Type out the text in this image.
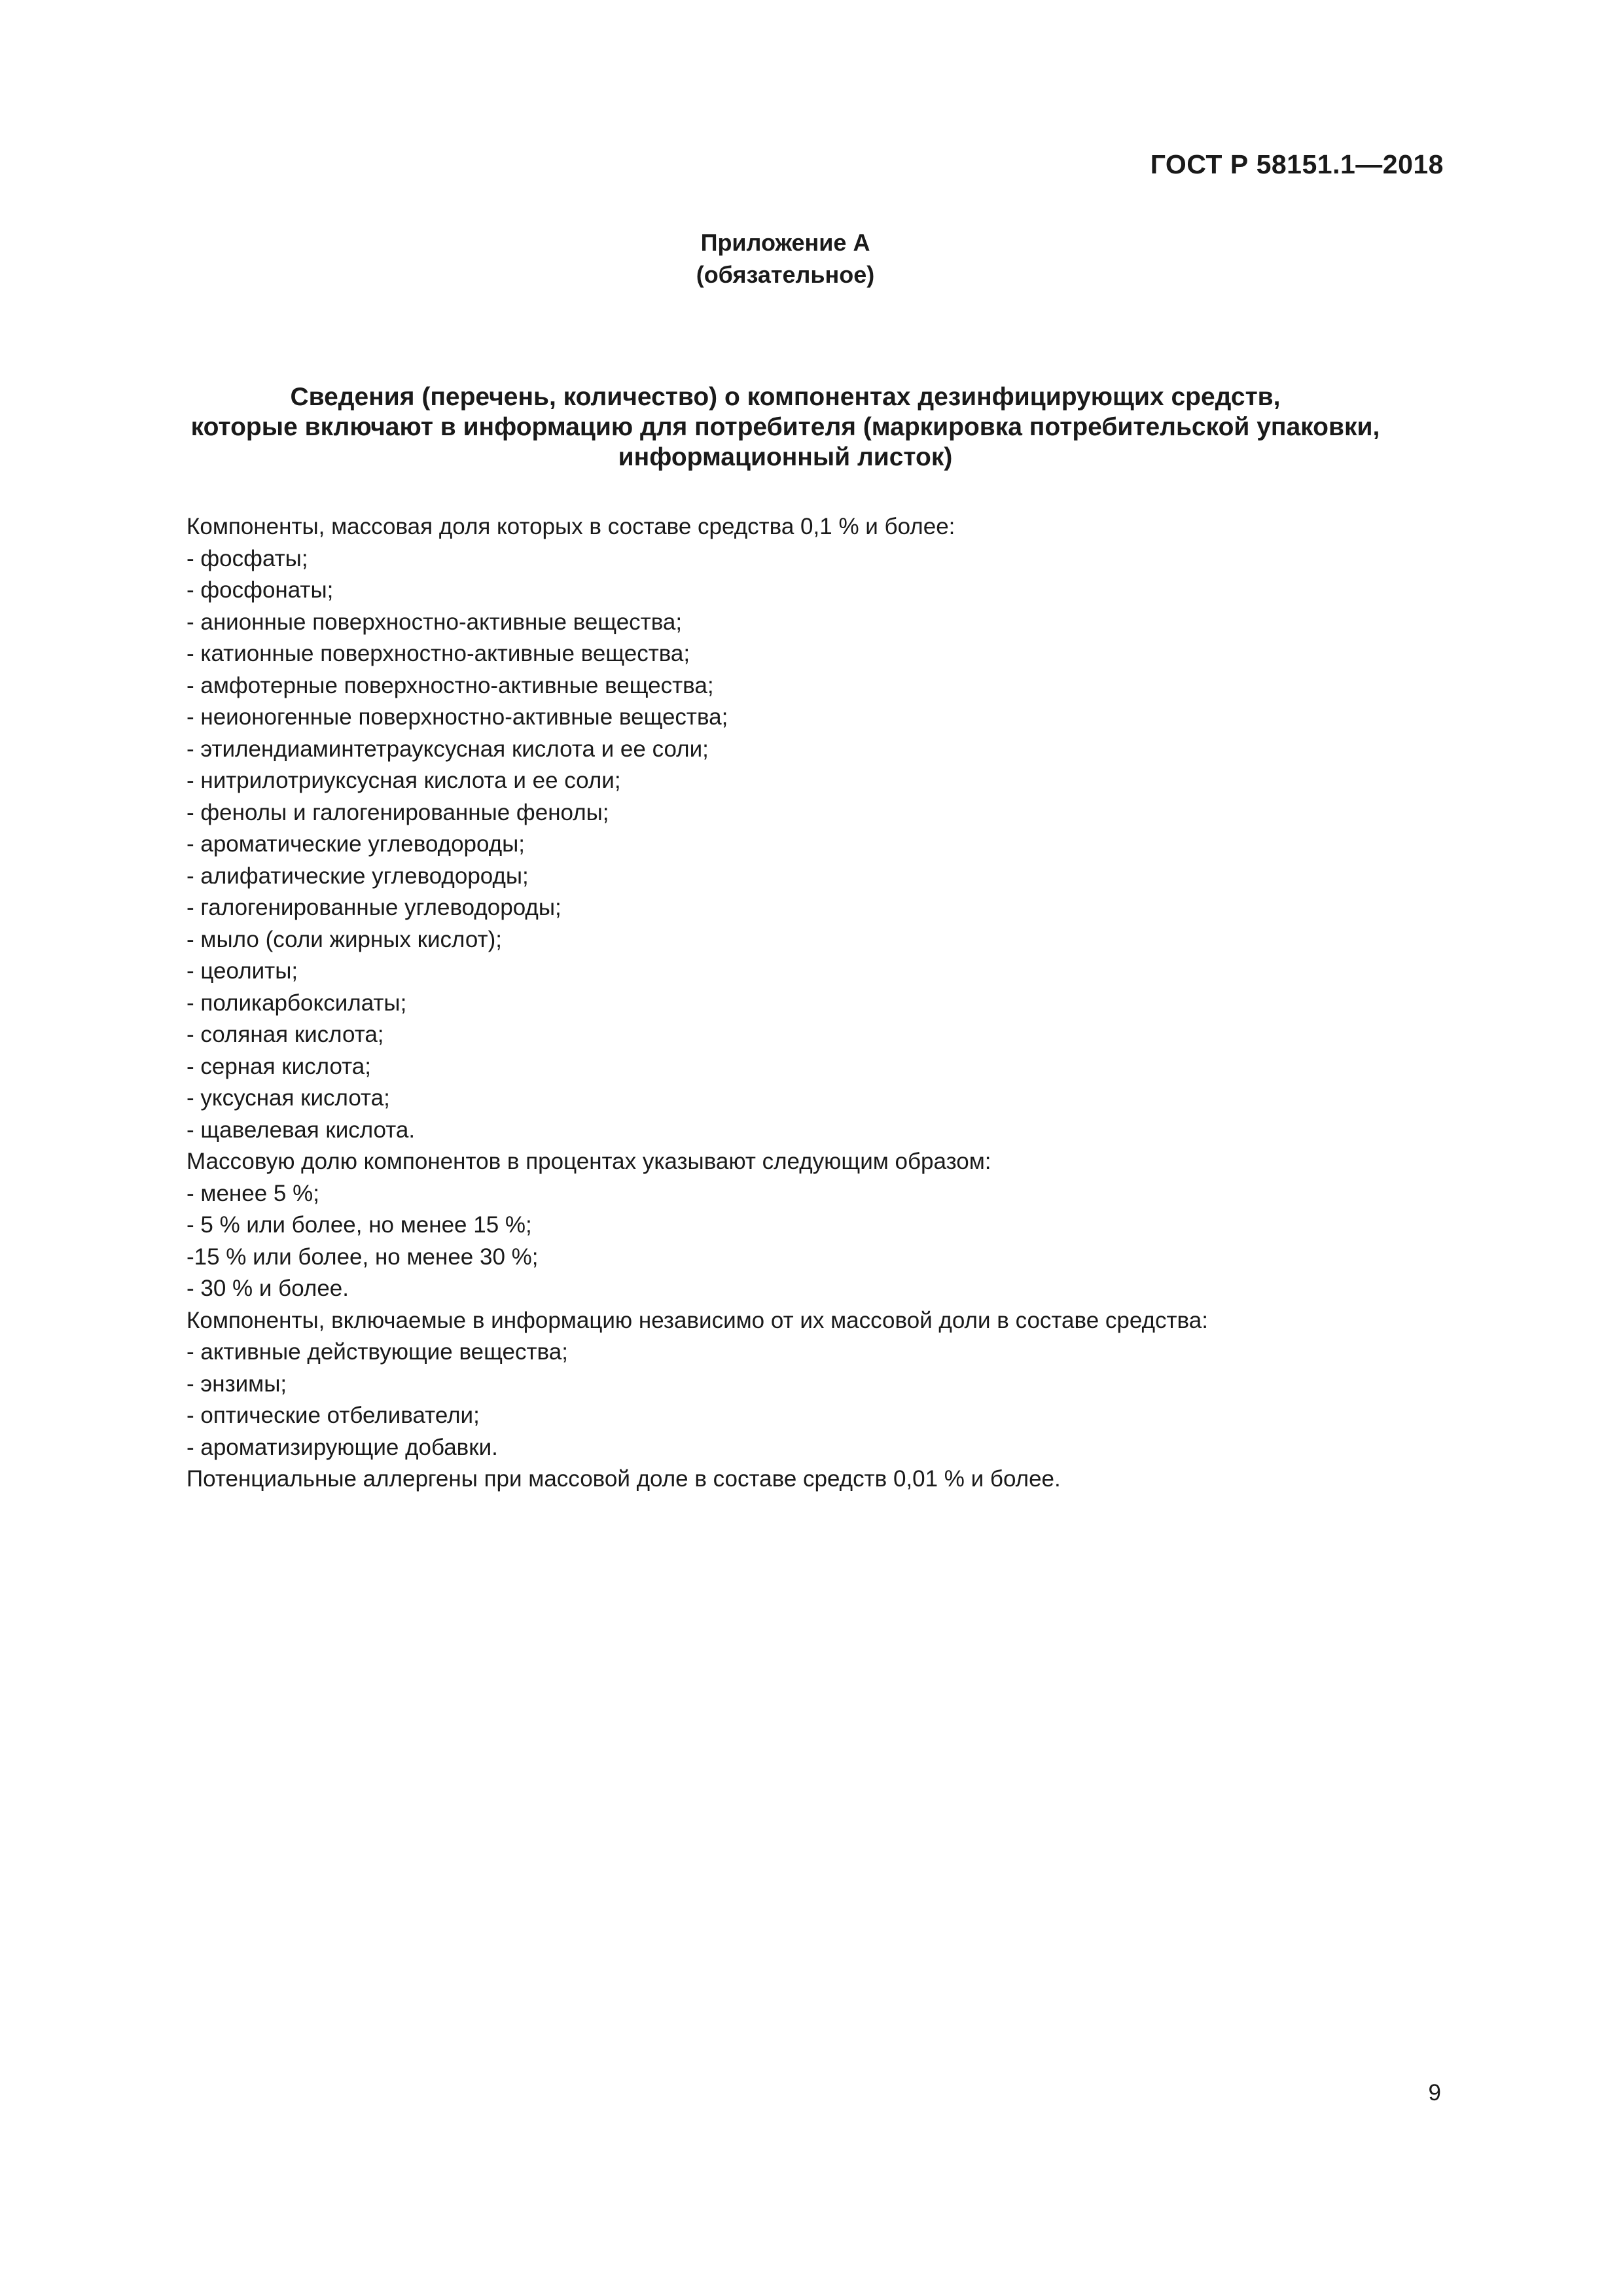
ГОСТ Р 58151.1—2018
Приложение А
(обязательное)
Сведения (перечень, количество) о компонентах дезинфицирующих средств,
которые включают в информацию для потребителя (маркировка потребительской упаковки,
информационный листок)
Компоненты, массовая доля которых в составе средства 0,1 % и более:
- фосфаты;
- фосфонаты;
- анионные поверхностно-активные вещества;
- катионные поверхностно-активные вещества;
- амфотерные поверхностно-активные вещества;
- неионогенные поверхностно-активные вещества;
- этилендиаминтетрауксусная кислота и ее соли;
- нитрилотриуксусная кислота и ее соли;
- фенолы и галогенированные фенолы;
- ароматические углеводороды;
- алифатические углеводороды;
- галогенированные углеводороды;
- мыло (соли жирных кислот);
- цеолиты;
- поликарбоксилаты;
- соляная кислота;
- серная кислота;
- уксусная кислота;
- щавелевая кислота.
Массовую долю компонентов в процентах указывают следующим образом:
- менее 5 %;
- 5 % или более, но менее 15 %;
-15 % или более, но менее 30 %;
- 30 % и более.
Компоненты, включаемые в информацию независимо от их массовой доли в составе средства:
- активные действующие вещества;
- энзимы;
- оптические отбеливатели;
- ароматизирующие добавки.
Потенциальные аллергены при массовой доле в составе средств 0,01 % и более.
9
